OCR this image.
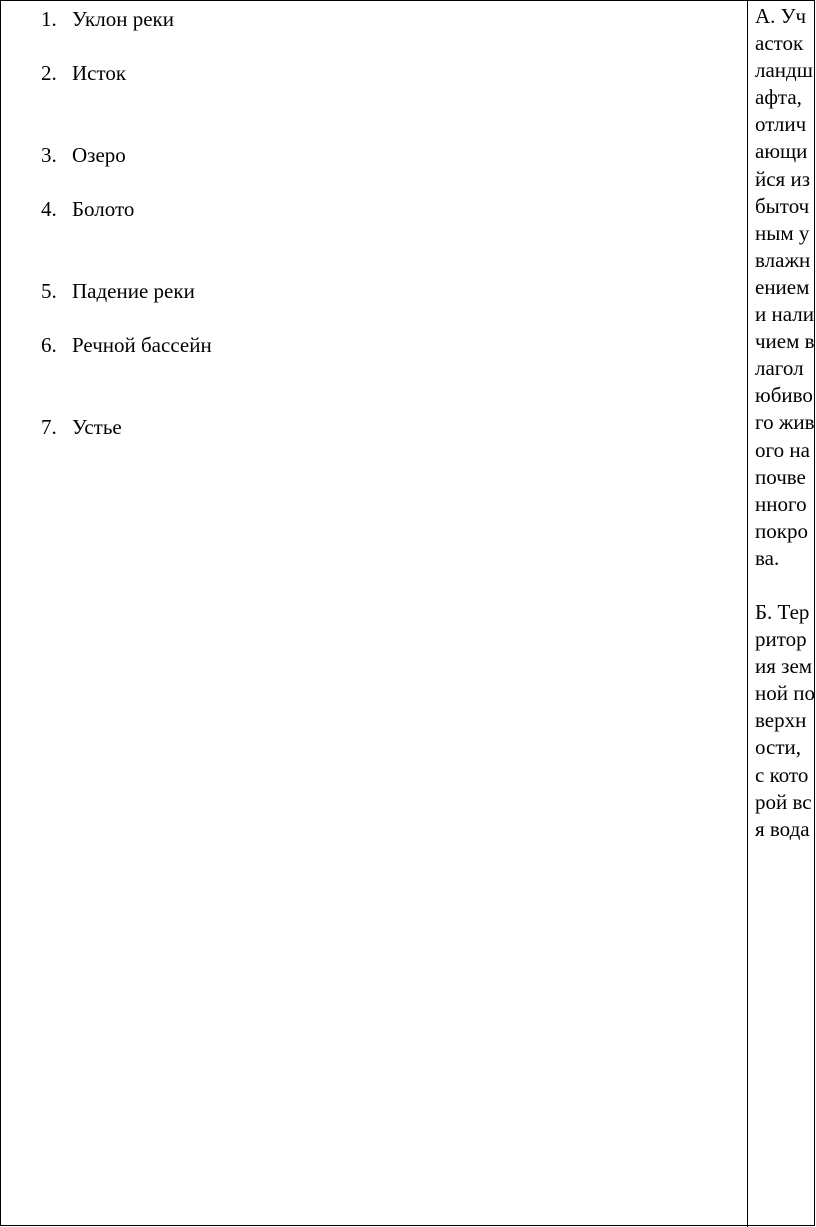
1. Уклон реки
2. Исток
3. Озеро
4. Болото
5. Падение реки
6. Речной бассейн
7. Устье

А. Участок ландшафта, отличающийся избыточным увлажнением и наличием влаголюбивого живого напочвенного покрова.

Б. Территория земной поверхности, с которой вся вода
